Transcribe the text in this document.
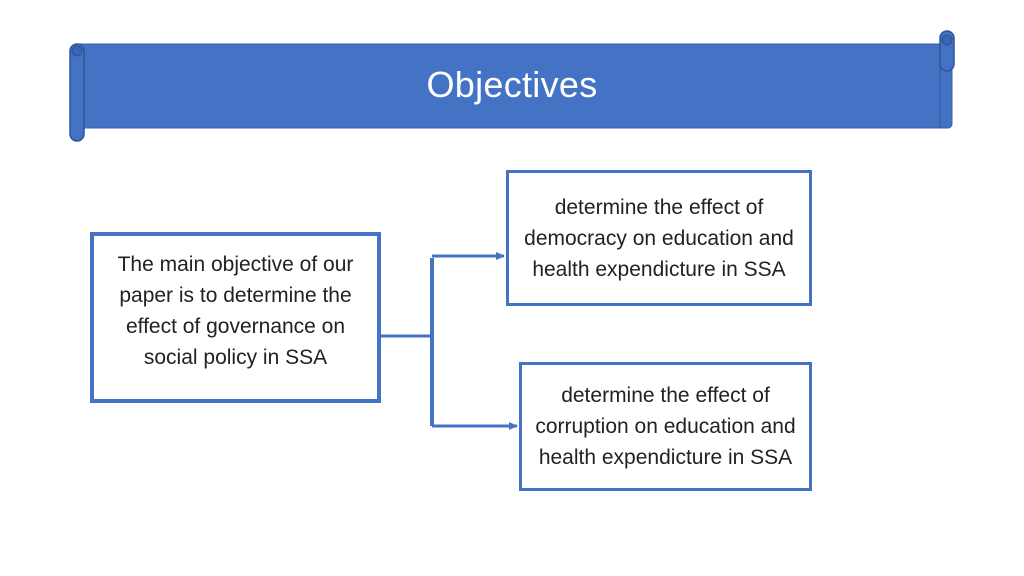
Objectives
The main objective of our paper is to determine the effect of governance on social policy in SSA
determine the effect of democracy on education and health expendicture in SSA
determine the effect of corruption on education and health expendicture in SSA
